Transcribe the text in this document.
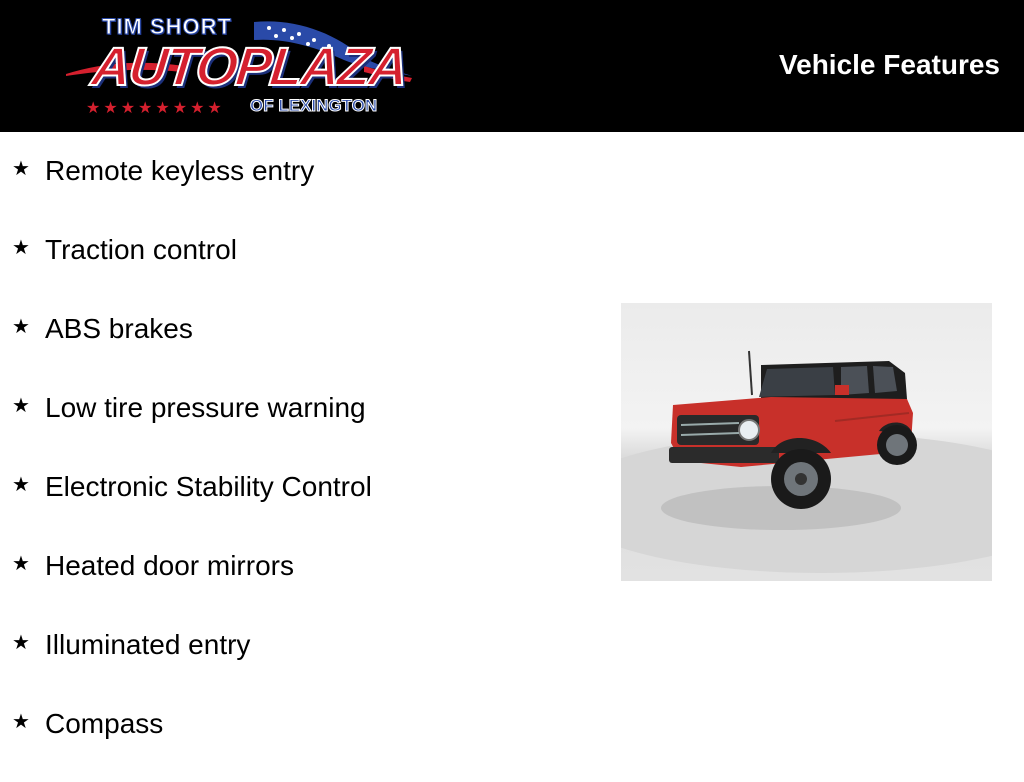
TIM SHORT
AUTOPLAZA
★★★★★★★★ OF LEXINGTON
Vehicle Features
★ Remote keyless entry
★ Traction control
★ ABS brakes
★ Low tire pressure warning
★ Electronic Stability Control
★ Heated door mirrors
★ Illuminated entry
★ Compass
